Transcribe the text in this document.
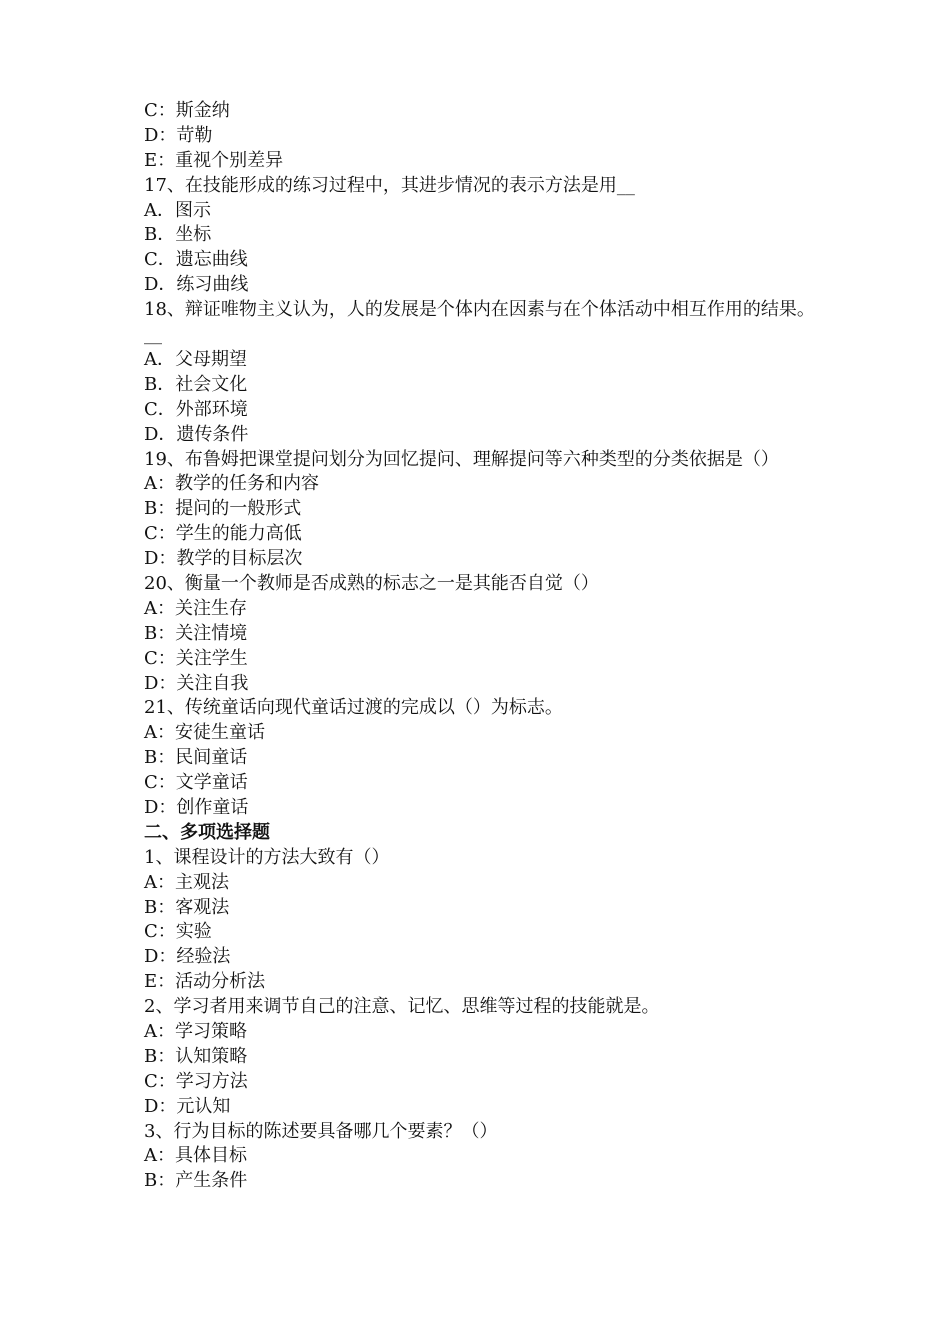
C：斯金纳
D：苛勒
E：重视个别差异
17、在技能形成的练习过程中，其进步情况的表示方法是用__
A．图示
B．坐标
C．遗忘曲线
D．练习曲线
18、辩证唯物主义认为，人的发展是个体内在因素与在个体活动中相互作用的结果。__
A．父母期望
B．社会文化
C．外部环境
D．遗传条件
19、布鲁姆把课堂提问划分为回忆提问、理解提问等六种类型的分类依据是（）
A：教学的任务和内容
B：提问的一般形式
C：学生的能力高低
D：教学的目标层次
20、衡量一个教师是否成熟的标志之一是其能否自觉（）
A：关注生存
B：关注情境
C：关注学生
D：关注自我
21、传统童话向现代童话过渡的完成以（）为标志。
A：安徒生童话
B：民间童话
C：文学童话
D：创作童话
二、多项选择题
1、课程设计的方法大致有（）
A：主观法
B：客观法
C：实验
D：经验法
E：活动分析法
2、学习者用来调节自己的注意、记忆、思维等过程的技能就是。
A：学习策略
B：认知策略
C：学习方法
D：元认知
3、行为目标的陈述要具备哪几个要素？（）
A：具体目标
B：产生条件
